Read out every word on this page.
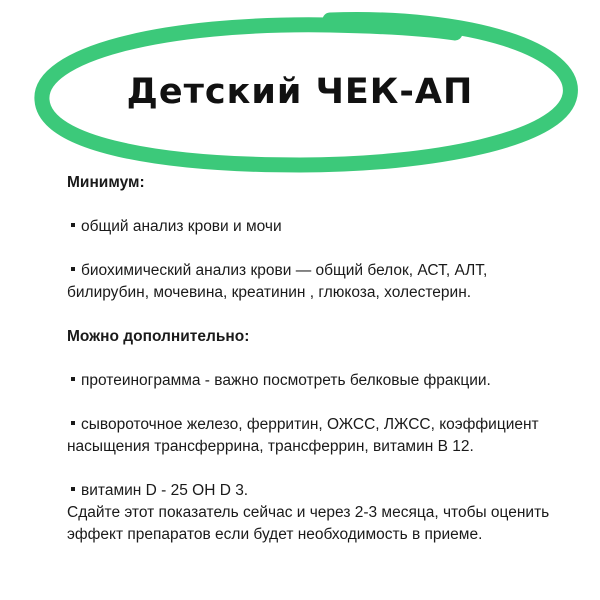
Детский ЧЕК-АП

Минимум:

общий анализ крови и мочи

биохимический анализ крови — общий белок, АСТ, АЛТ, билирубин, мочевина, креатинин , глюкоза, холестерин.

Можно дополнительно:

протеинограмма - важно посмотреть белковые фракции.

сывороточное железо, ферритин, ОЖСС, ЛЖСС, коэффициент насыщения трансферрина, трансферрин, витамин В 12.

витамин D - 25 OH D 3.

Сдайте этот показатель сейчас и через 2-3 месяца, чтобы оценить эффект препаратов если будет необходимость в приеме.
